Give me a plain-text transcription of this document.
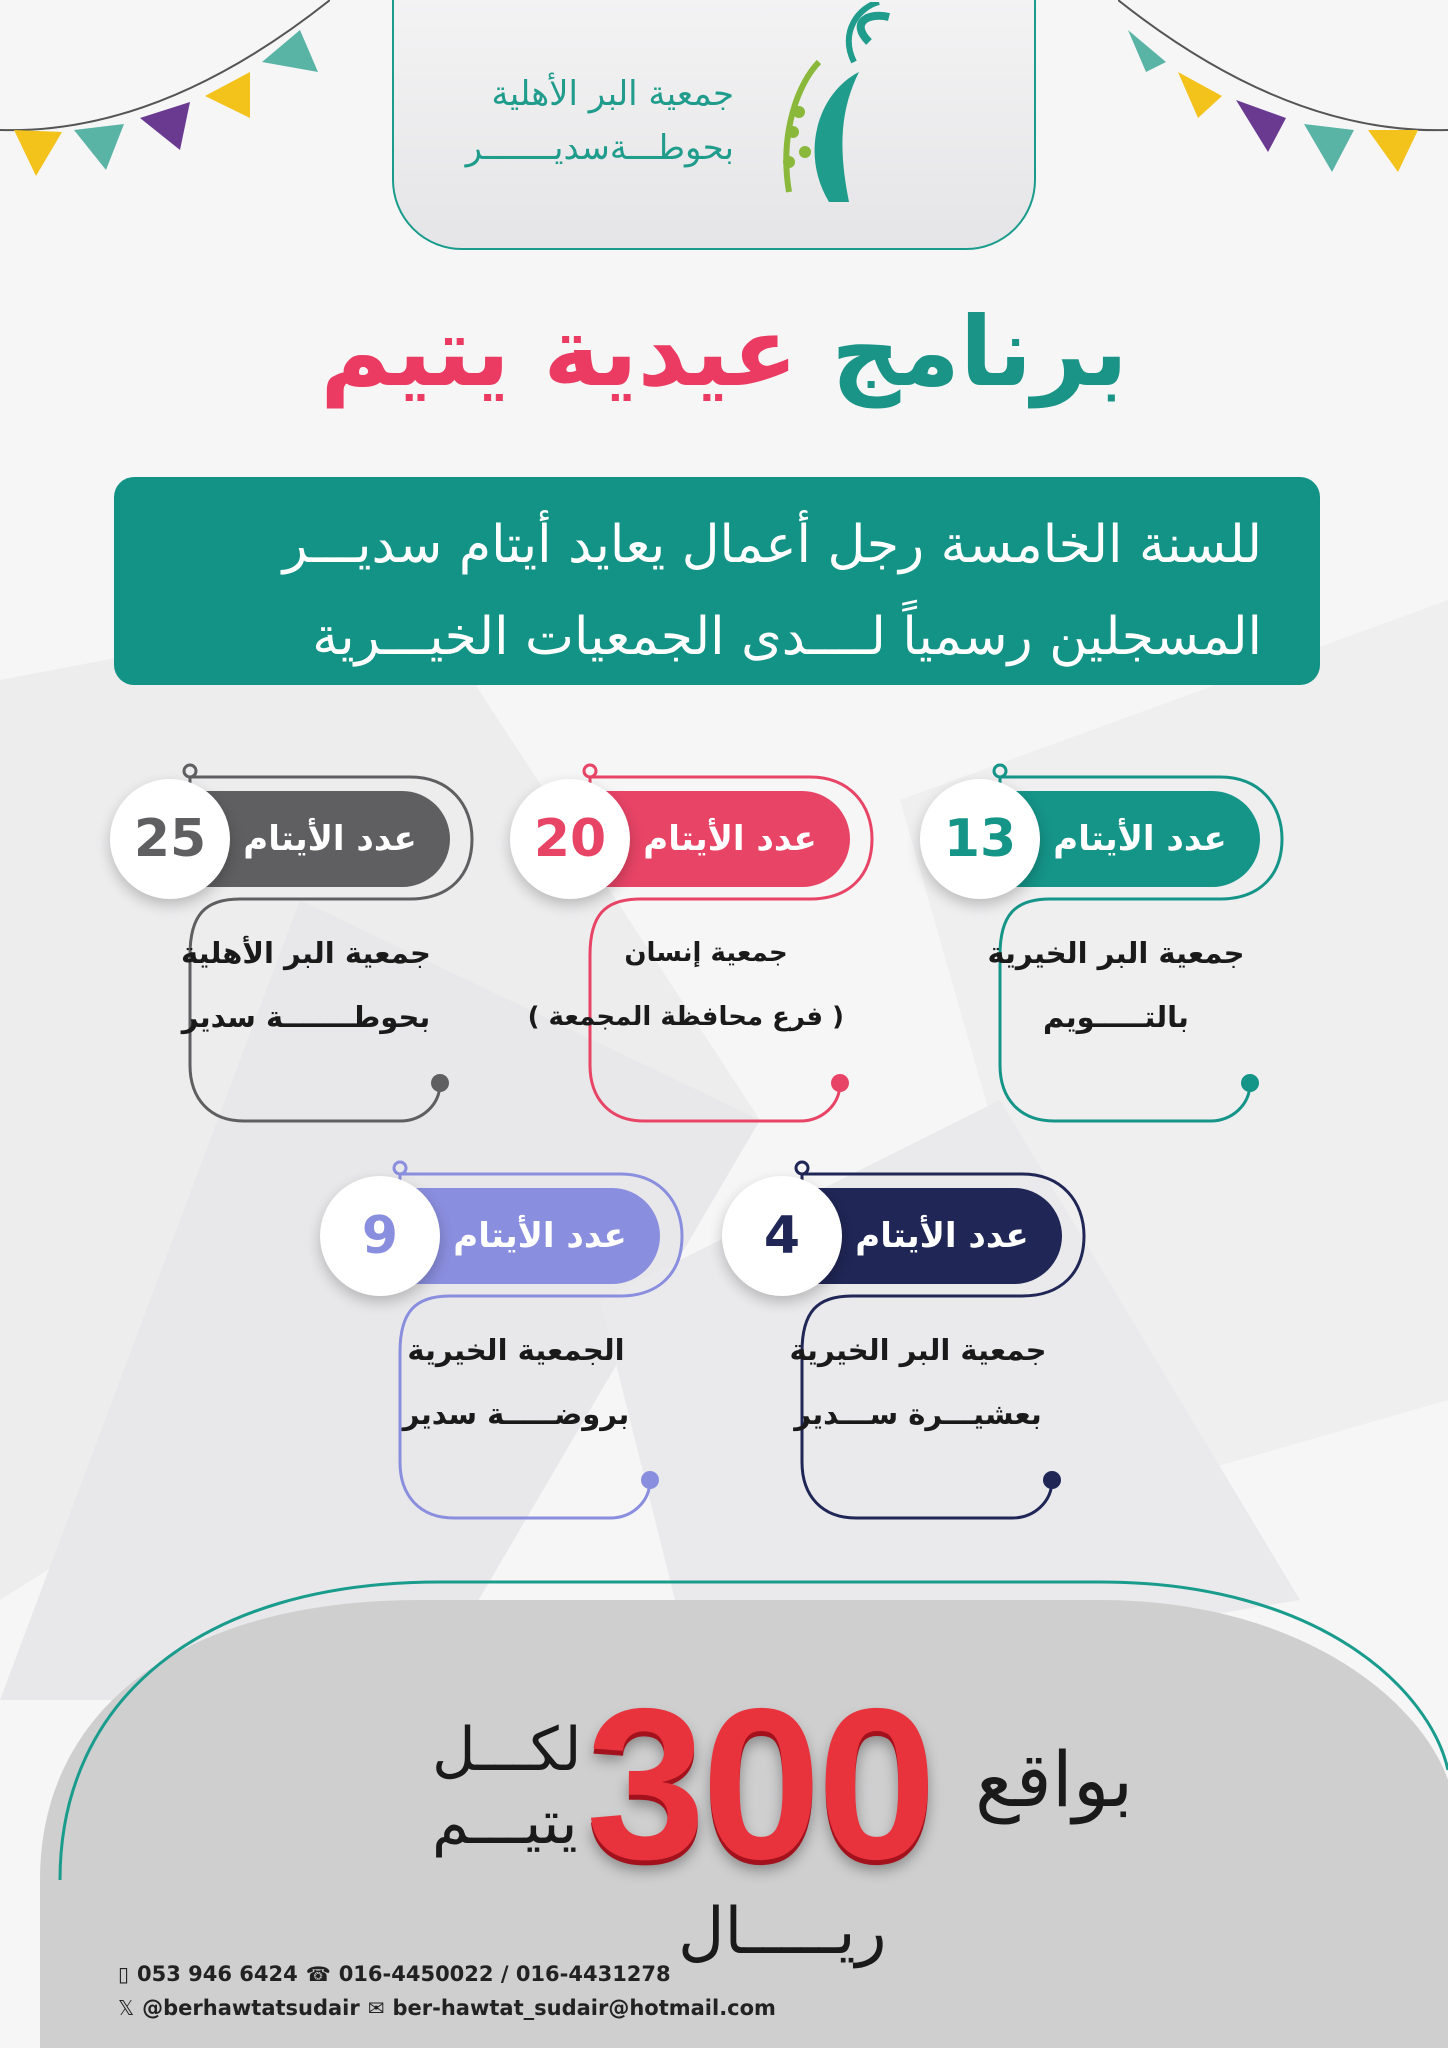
جمعية البر الأهلية
بحوطـــةسديـــــــر
برنامج عيدية يتيم
للسنة الخامسة رجل أعمال يعايد أيتام سديـــر
المسجلين رسمياً لــــدى الجمعيات الخيـــرية
عدد الأيتام
13
جمعية البر الخيرية
بالتـــــويم
عدد الأيتام
20
جمعية إنسان
( فرع محافظة المجمعة )
عدد الأيتام
25
جمعية البر الأهلية
بحوطـــــــة سدير
عدد الأيتام
4
جمعية البر الخيرية
بعشيـــرة ســـدير
عدد الأيتام
9
الجمعية الخيرية
بروضـــــة سدير
بواقع
300
لكـــل
يتيـــم
ريـــــال
▯ 053 946 6424 ☎ 016-4450022 / 016-4431278
𝕏 @berhawtatsudair ✉ ber-hawtat_sudair@hotmail.com
